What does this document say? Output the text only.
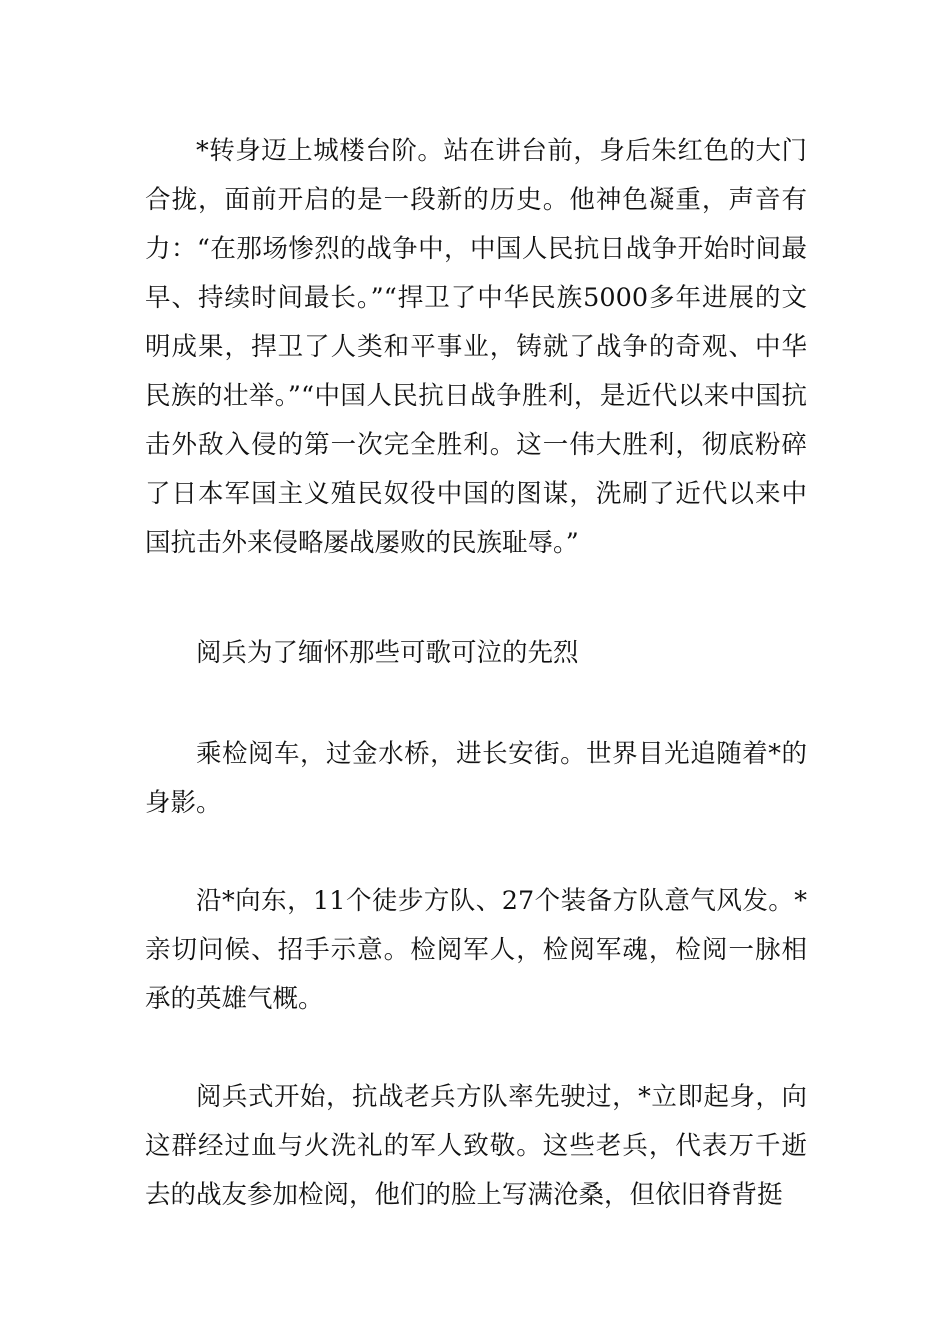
*转身迈上城楼台阶。站在讲台前，身后朱红色的大门合拢，面前开启的是一段新的历史。他神色凝重，声音有力：“在那场惨烈的战争中，中国人民抗日战争开始时间最早、持续时间最长。”“捍卫了中华民族5000多年进展的文明成果，捍卫了人类和平事业，铸就了战争的奇观、中华民族的壮举。”“中国人民抗日战争胜利，是近代以来中国抗击外敌入侵的第一次完全胜利。这一伟大胜利，彻底粉碎了日本军国主义殖民奴役中国的图谋，洗刷了近代以来中国抗击外来侵略屡战屡败的民族耻辱。”

阅兵为了缅怀那些可歌可泣的先烈

乘检阅车，过金水桥，进长安街。世界目光追随着*的身影。

沿*向东，11个徒步方队、27个装备方队意气风发。*亲切问候、招手示意。检阅军人，检阅军魂，检阅一脉相承的英雄气概。

阅兵式开始，抗战老兵方队率先驶过，*立即起身，向这群经过血与火洗礼的军人致敬。这些老兵，代表万千逝去的战友参加检阅，他们的脸上写满沧桑，但依旧脊背挺
